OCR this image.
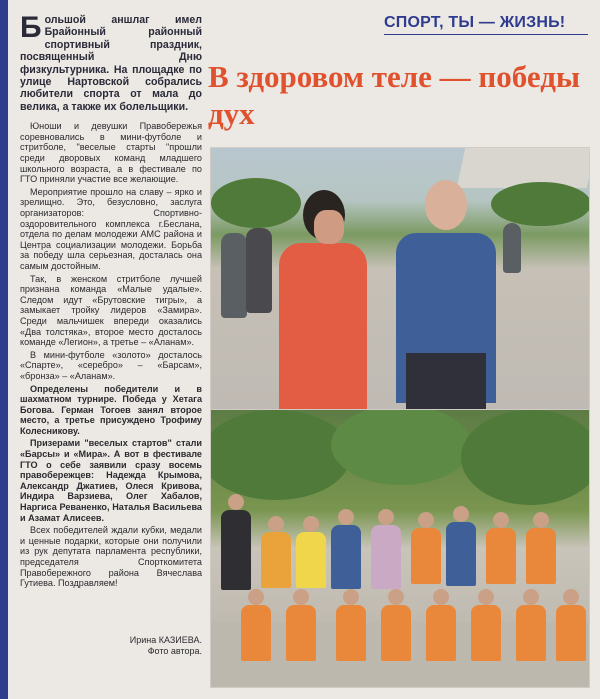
СПОРТ, ТЫ — ЖИЗНЬ!
В здоровом теле — победы дух
Большой аншлаг имел Брайонный районный спортивный праздник, посвященный Дню физкультурника. На площадке по улице Нартовской собрались любители спорта от мала до велика, а также их болельщики.

Юноши и девушки Правобережья соревновались в мини-футболе и стритболе, "веселые старты "прошли среди дворовых команд младшего школьного возраста, а в фестивале по ГТО приняли участие все желающие.

Мероприятие прошло на славу – ярко и зрелищно. Это, безусловно, заслуга организаторов: Спортивно-оздоровительного комплекса г.Беслана, отдела по делам молодежи АМС района и Центра социализации молодежи. Борьба за победу шла серьезная, досталась она самым достойным.

Так, в женском стритболе лучшей признана команда «Малые удалые». Следом идут «Брутовские тигры», а замыкает тройку лидеров «Замира». Среди мальчишек впереди оказались «Два толстяка», второе место досталось команде «Легион», а третье – «Аланам».

В мини-футболе «золото» досталось «Спарте», «серебро» – «Барсам», «бронза» – «Аланам».

Определены победители и в шахматном турнире. Победа у Хетага Богова. Герман Тогоев занял второе место, а третье присуждено Трофиму Колесникову.

Призерами "веселых стартов" стали «Барсы» и «Мира». А вот в фестивале ГТО о себе заявили сразу восемь правобережцев: Надежда Крымова, Александр Джатиев, Олеся Кривова, Индира Варзиева, Олег Хабалов, Наргиса Реваненко, Наталья Васильева и Азамат Алисеев.

Всех победителей ждали кубки, медали и ценные подарки, которые они получили из рук депутата парламента республики, председателя Спорткомитета Правобережного района Вячеслава Гутиева. Поздравляем!

Ирина КАЗИЕВА.
Фото автора.
